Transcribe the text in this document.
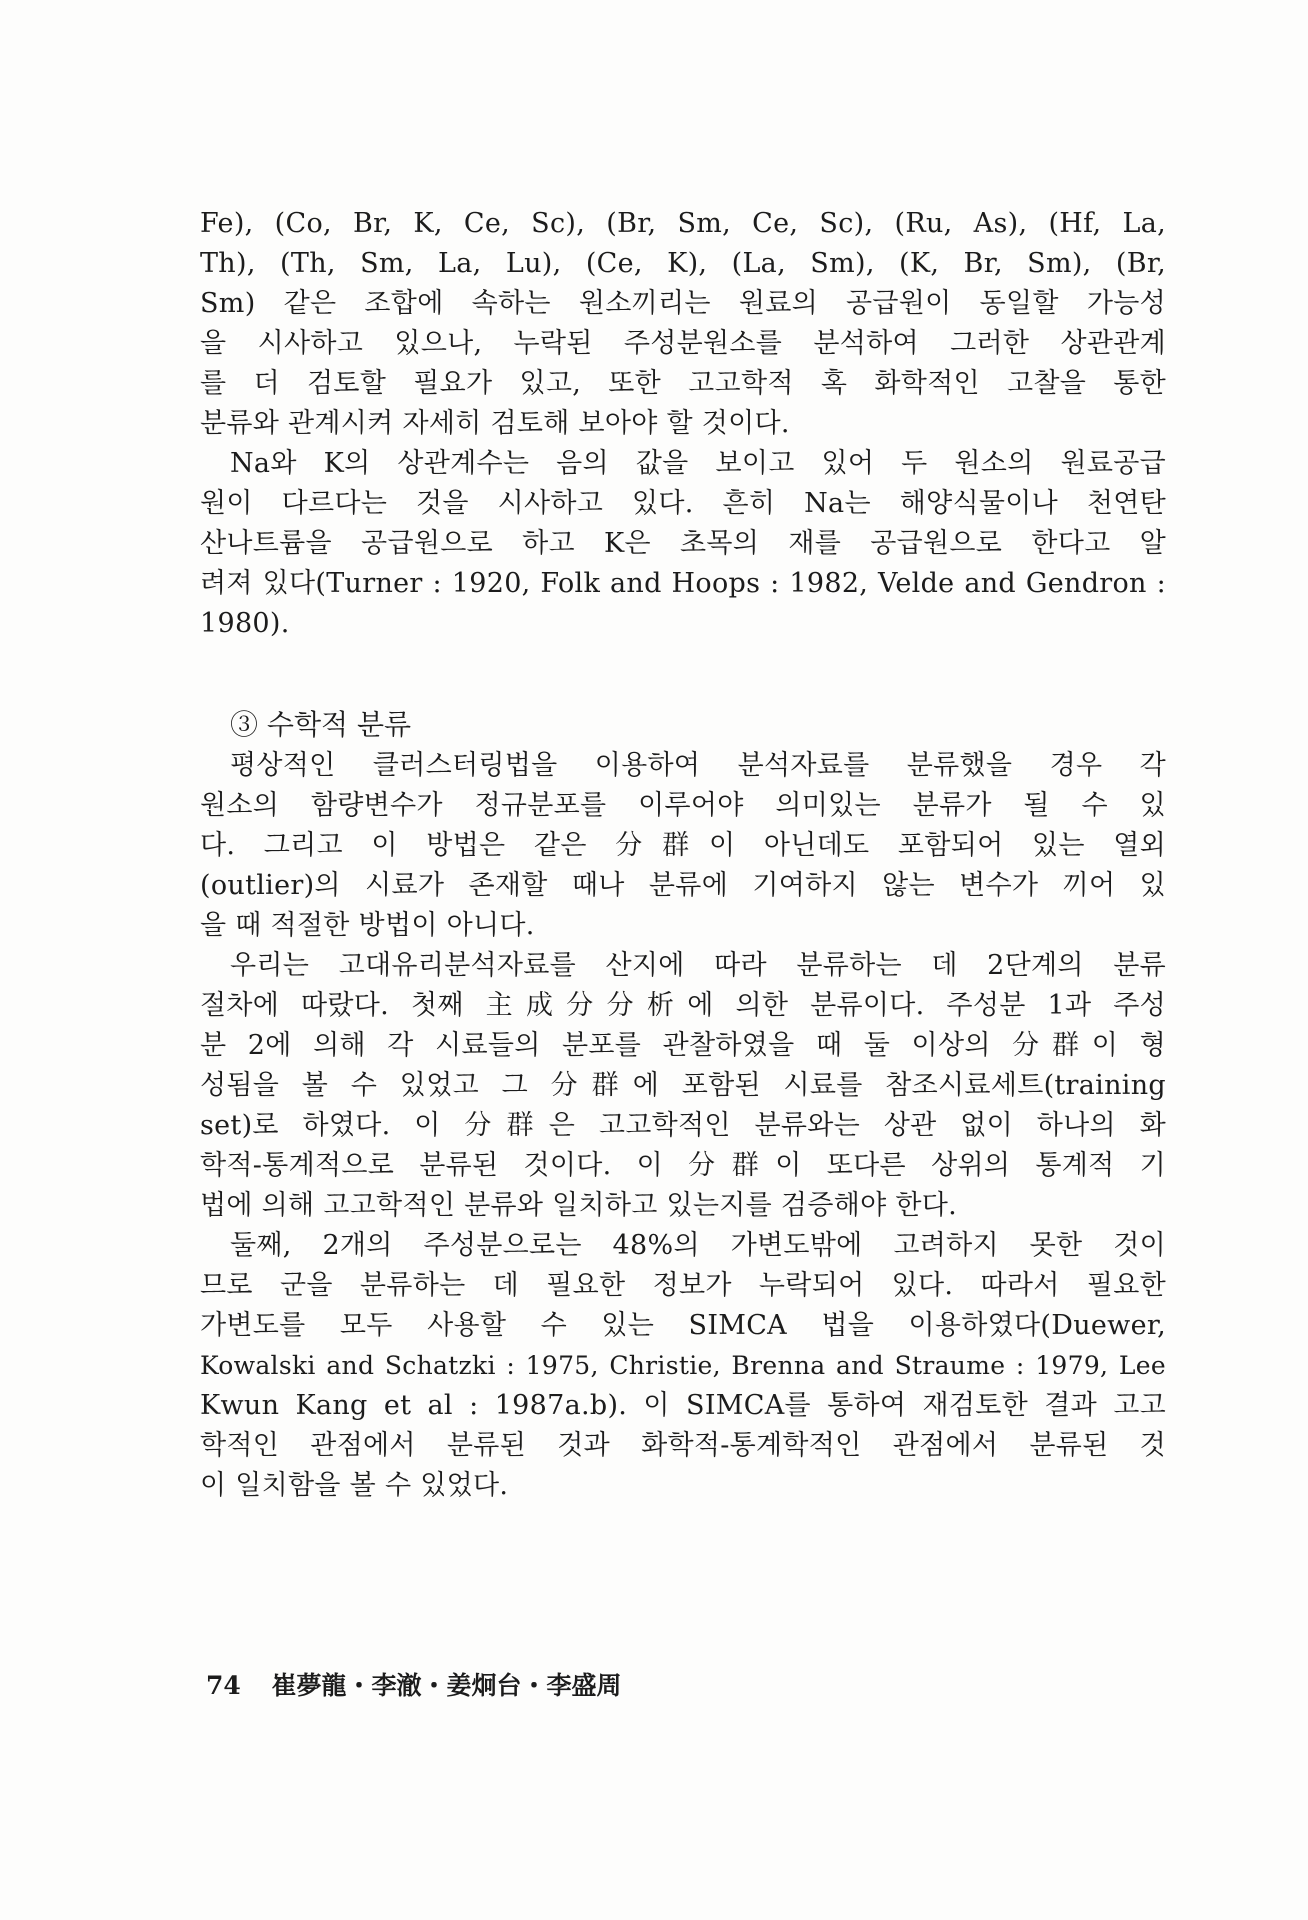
Fe), (Co, Br, K, Ce, Sc), (Br, Sm, Ce, Sc), (Ru, As), (Hf, La,
Th), (Th, Sm, La, Lu), (Ce, K), (La, Sm), (K, Br, Sm), (Br,
Sm) 같은 조합에 속하는 원소끼리는 원료의 공급원이 동일할 가능성
을 시사하고 있으나, 누락된 주성분원소를 분석하여 그러한 상관관계
를 더 검토할 필요가 있고, 또한 고고학적 혹 화학적인 고찰을 통한
분류와 관계시켜 자세히 검토해 보아야 할 것이다.
Na와 K의 상관계수는 음의 값을 보이고 있어 두 원소의 원료공급
원이 다르다는 것을 시사하고 있다. 흔히 Na는 해양식물이나 천연탄
산나트륨을 공급원으로 하고 K은 초목의 재를 공급원으로 한다고 알
려져 있다(Turner : 1920, Folk and Hoops : 1982, Velde and Gendron :
1980).
③ 수학적 분류
평상적인 클러스터링법을 이용하여 분석자료를 분류했을 경우 각
원소의 함량변수가 정규분포를 이루어야 의미있는 분류가 될 수 있
다. 그리고 이 방법은 같은 分群이 아닌데도 포함되어 있는 열외
(outlier)의 시료가 존재할 때나 분류에 기여하지 않는 변수가 끼어 있
을 때 적절한 방법이 아니다.
우리는 고대유리분석자료를 산지에 따라 분류하는 데 2단계의 분류
절차에 따랐다. 첫째 主成分分析에 의한 분류이다. 주성분 1과 주성
분 2에 의해 각 시료들의 분포를 관찰하였을 때 둘 이상의 分群이 형
성됨을 볼 수 있었고 그 分群에 포함된 시료를 참조시료세트(training
set)로 하였다. 이 分群은 고고학적인 분류와는 상관 없이 하나의 화
학적-통계적으로 분류된 것이다. 이 分群이 또다른 상위의 통계적 기
법에 의해 고고학적인 분류와 일치하고 있는지를 검증해야 한다.
둘째, 2개의 주성분으로는 48%의 가변도밖에 고려하지 못한 것이
므로 군을 분류하는 데 필요한 정보가 누락되어 있다. 따라서 필요한
가변도를 모두 사용할 수 있는 SIMCA 법을 이용하였다(Duewer,
Kowalski and Schatzki : 1975, Christie, Brenna and Straume : 1979, Lee
Kwun Kang et al : 1987a.b). 이 SIMCA를 통하여 재검토한 결과 고고
학적인 관점에서 분류된 것과 화학적-통계학적인 관점에서 분류된 것
이 일치함을 볼 수 있었다.
74 崔夢龍・李澈・姜炯台・李盛周
